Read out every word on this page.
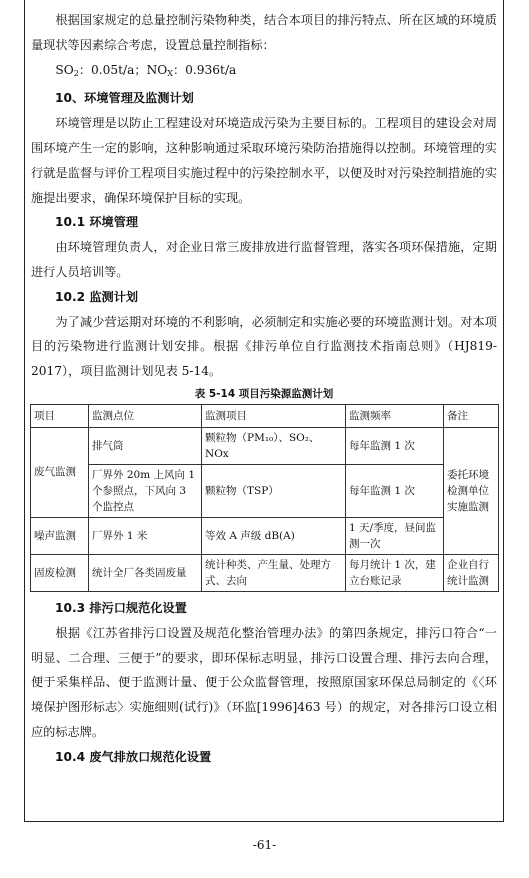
根据国家规定的总量控制污染物种类，结合本项目的排污特点、所在区域的环境质量现状等因素综合考虑，设置总量控制指标：

$SO_2$：0.05t/a；$NO_X$：0.936t/a

10、环境管理及监测计划

环境管理是以防止工程建设对环境造成污染为主要目标的。工程项目的建设会对周围环境产生一定的影响，这种影响通过采取环境污染防治措施得以控制。环境管理的实行就是监督与评价工程项目实施过程中的污染控制水平，以便及时对污染控制措施的实施提出要求，确保环境保护目标的实现。

10.1 环境管理

由环境管理负责人，对企业日常三废排放进行监督管理，落实各项环保措施，定期进行人员培训等。

10.2 监测计划

为了减少营运期对环境的不利影响，必须制定和实施必要的环境监测计划。对本项目的污染物进行监测计划安排。根据《排污单位自行监测技术指南总则》（HJ819-2017），项目监测计划见表 5-14。

表 5-14 项目污染源监测计划
项目	监测点位	监测项目	监测频率	备注
废气监测	排气筒	颗粒物（PM₁₀）、SO₂、NOx	每年监测 1 次	委托环境检测单位实施监测
	厂界外 20m 上风向 1 个参照点，下风向 3 个监控点	颗粒物（TSP）	每年监测 1 次	
噪声监测	厂界外 1 米	等效 A 声级 dB(A)	1 天/季度，昼间监测一次	
固废检测	统计全厂各类固废量	统计种类、产生量、处理方式、去向	每月统计 1 次，建立台账记录	企业自行统计监测

10.3 排污口规范化设置

根据《江苏省排污口设置及规范化整治管理办法》的第四条规定，排污口符合“一明显、二合理、三便于”的要求，即环保标志明显，排污口设置合理、排污去向合理，便于采集样品、便于监测计量、便于公众监督管理，按照原国家环保总局制定的《〈环境保护图形标志〉实施细则(试行)》（环监[1996]463 号）的规定，对各排污口设立相应的标志牌。

10.4 废气排放口规范化设置

-61-
